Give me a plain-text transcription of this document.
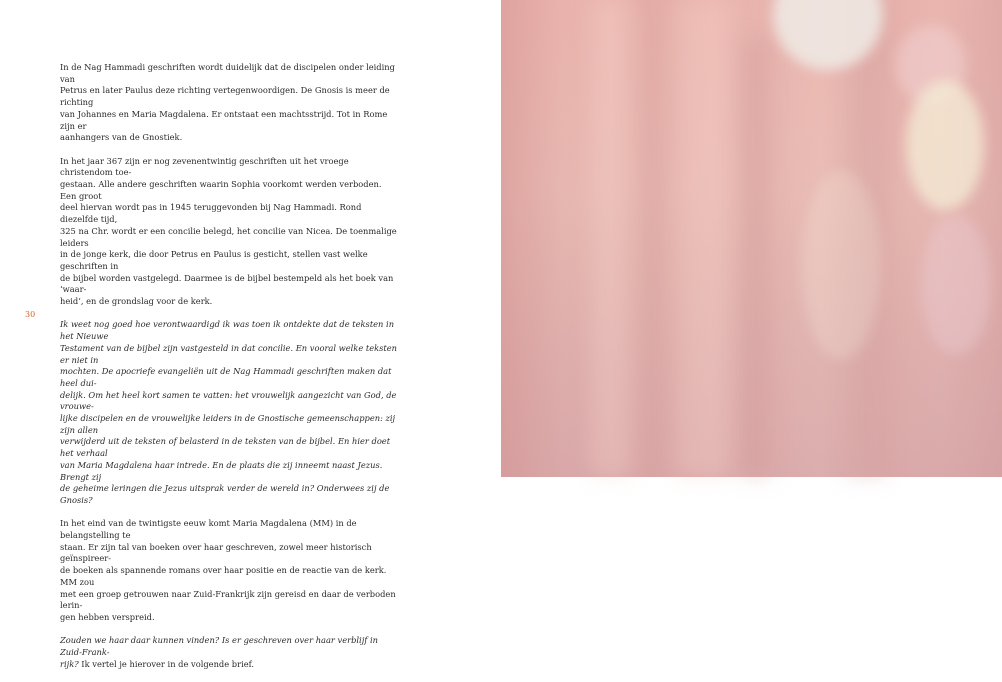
In de Nag Hammadi geschriften wordt duidelijk dat de discipelen onder leiding van
Petrus en later Paulus deze richting vertegenwoordigen. De Gnosis is meer de richting
van Johannes en Maria Magdalena. Er ontstaat een machtsstrijd. Tot in Rome zijn er
aanhangers van de Gnostiek.

In het jaar 367 zijn er nog zevenentwintig geschriften uit het vroege christendom toe-
gestaan. Alle andere geschriften waarin Sophia voorkomt werden verboden. Een groot
deel hiervan wordt pas in 1945 teruggevonden bij Nag Hammadi. Rond diezelfde tijd,
325 na Chr. wordt er een concilie belegd, het concilie van Nicea. De toenmalige leiders
in de jonge kerk, die door Petrus en Paulus is gesticht, stellen vast welke geschriften in
de bijbel worden vastgelegd. Daarmee is de bijbel bestempeld als het boek van ‘waar-
heid’, en de grondslag voor de kerk.

Ik weet nog goed hoe verontwaardigd ik was toen ik ontdekte dat de teksten in het Nieuwe
Testament van de bijbel zijn vastgesteld in dat concilie. En vooral welke teksten er niet in
mochten. De apocriefe evangeliën uit de Nag Hammadi geschriften maken dat heel dui-
delijk. Om het heel kort samen te vatten: het vrouwelijk aangezicht van God, de vrouwe-
lijke discipelen en de vrouwelijke leiders in de Gnostische gemeenschappen: zij zijn allen
verwijderd uit de teksten of belasterd in de teksten van de bijbel. En hier doet het verhaal
van Maria Magdalena haar intrede. En de plaats die zij inneemt naast Jezus. Brengt zij
de geheime leringen die Jezus uitsprak verder de wereld in? Onderwees zij de Gnosis?

In het eind van de twintigste eeuw komt Maria Magdalena (MM) in de belangstelling te
staan. Er zijn tal van boeken over haar geschreven, zowel meer historisch geïnspireer-
de boeken als spannende romans over haar positie en de reactie van de kerk. MM zou
met een groep getrouwen naar Zuid-Frankrijk zijn gereisd en daar de verboden lerin-
gen hebben verspreid.

Zouden we haar daar kunnen vinden? Is er geschreven over haar verblijf in Zuid-Frank-
rijk? Ik vertel je hierover in de volgende brief.

30
